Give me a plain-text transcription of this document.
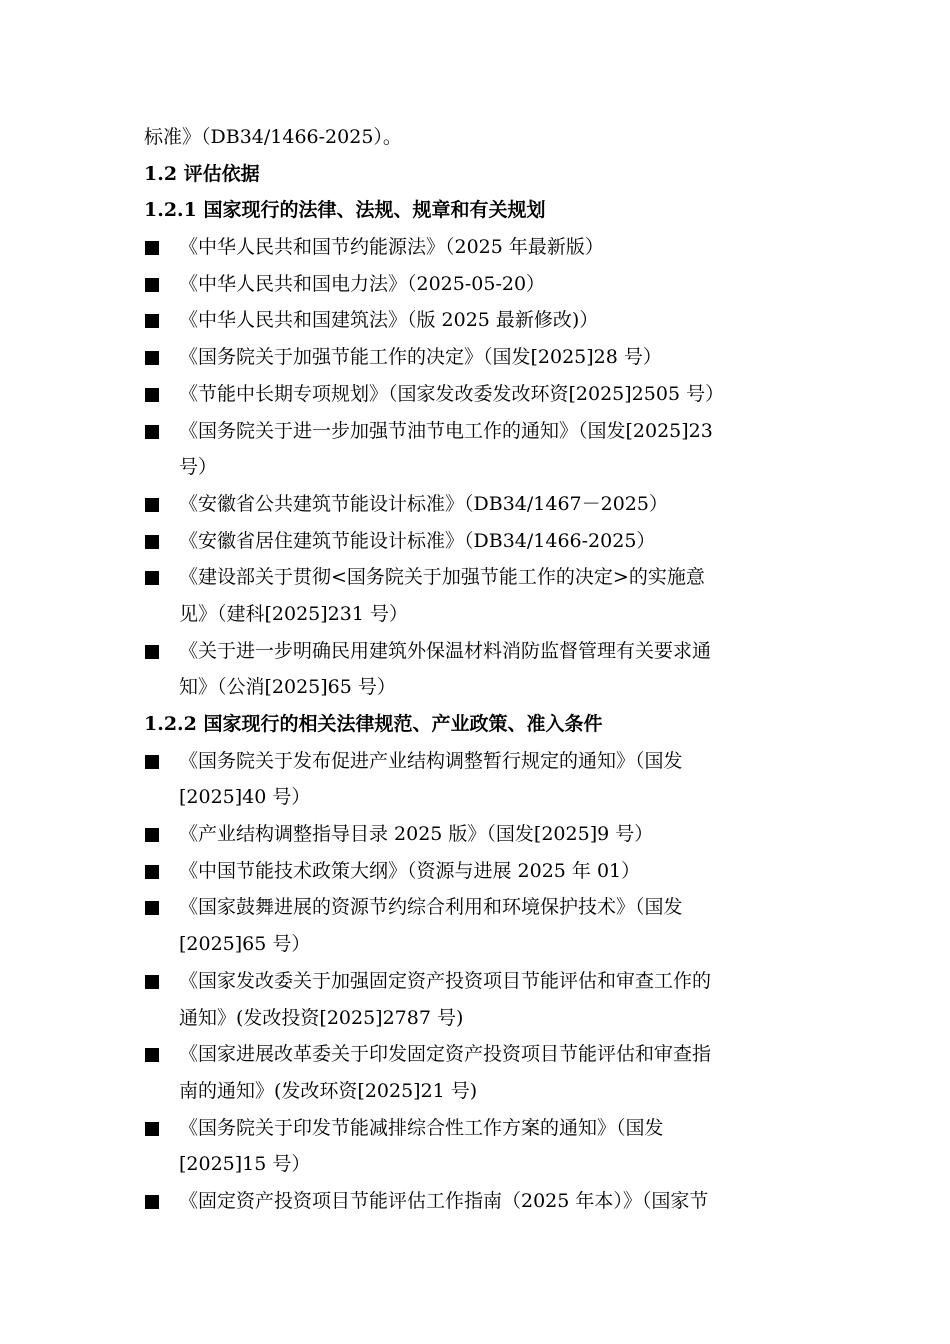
标准》（DB34/1466-2025）。
1.2 评估依据
1.2.1 国家现行的法律、法规、规章和有关规划
《中华人民共和国节约能源法》（2025 年最新版）
《中华人民共和国电力法》（2025-05-20）
《中华人民共和国建筑法》（版 2025 最新修改)）
《国务院关于加强节能工作的决定》（国发[2025]28 号）
《节能中长期专项规划》（国家发改委发改环资[2025]2505 号）
《国务院关于进一步加强节油节电工作的通知》（国发[2025]23
号）
《安徽省公共建筑节能设计标准》（DB34/1467－2025）
《安徽省居住建筑节能设计标准》（DB34/1466-2025）
《建设部关于贯彻<国务院关于加强节能工作的决定>的实施意
见》（建科[2025]231 号）
《关于进一步明确民用建筑外保温材料消防监督管理有关要求通
知》（公消[2025]65 号）
1.2.2 国家现行的相关法律规范、产业政策、准入条件
《国务院关于发布促进产业结构调整暂行规定的通知》（国发
[2025]40 号）
《产业结构调整指导目录 2025 版》（国发[2025]9 号）
《中国节能技术政策大纲》（资源与进展 2025 年 01）
《国家鼓舞进展的资源节约综合利用和环境保护技术》（国发
[2025]65 号）
《国家发改委关于加强固定资产投资项目节能评估和审查工作的
通知》(发改投资[2025]2787 号)
《国家进展改革委关于印发固定资产投资项目节能评估和审查指
南的通知》(发改环资[2025]21 号)
《国务院关于印发节能减排综合性工作方案的通知》（国发
[2025]15 号）
《固定资产投资项目节能评估工作指南（2025 年本）》（国家节
